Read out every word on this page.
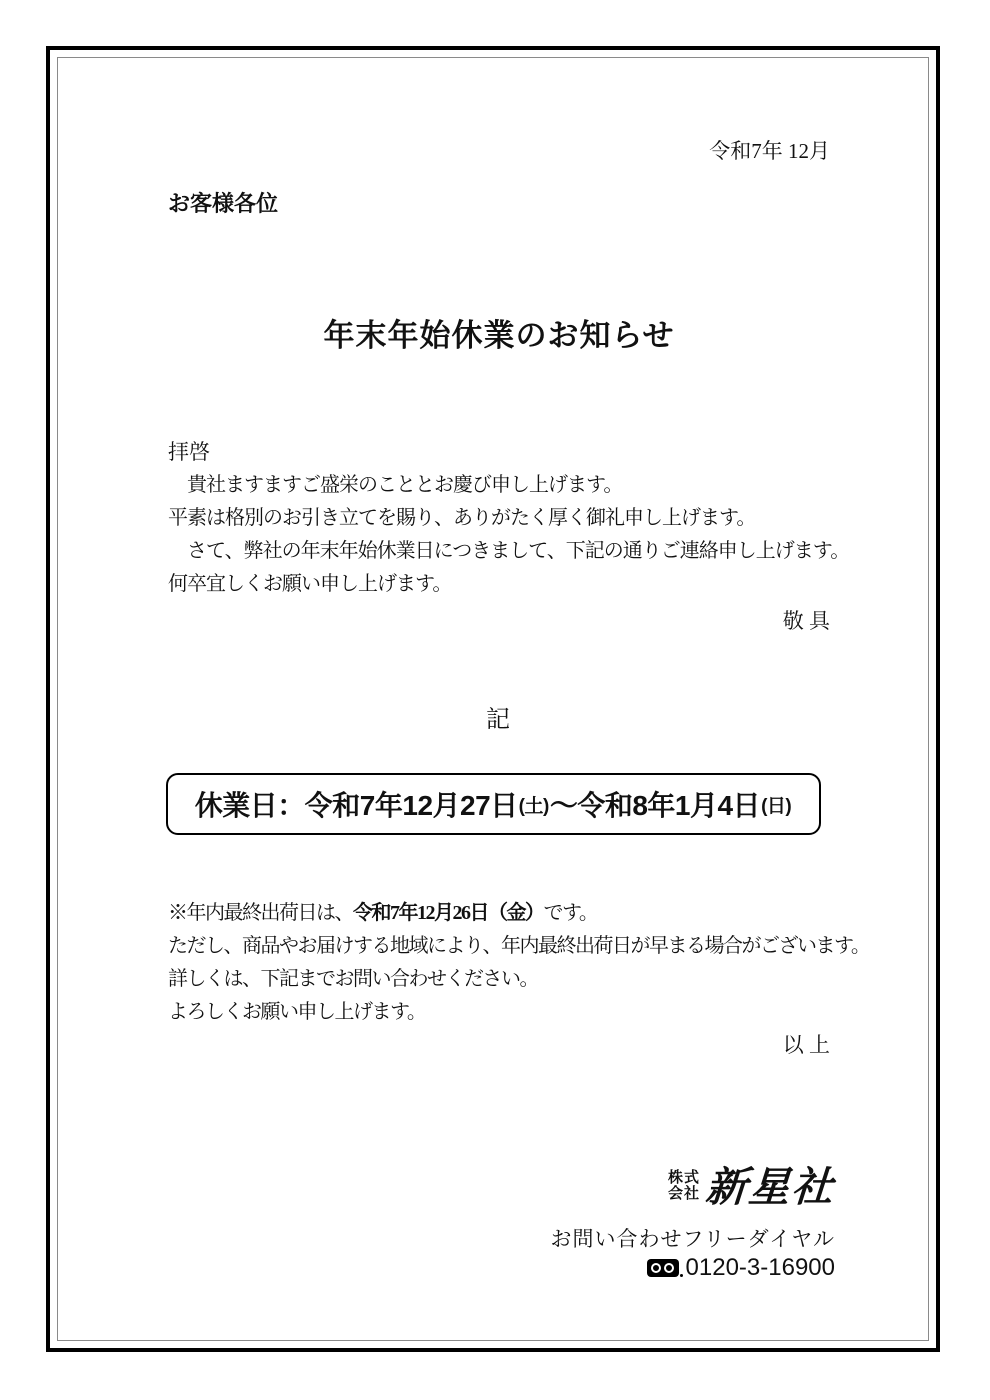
令和7年 12月
お客様各位
年末年始休業のお知らせ

拝啓

　貴社ますますご盛栄のこととお慶び申し上げます。

平素は格別のお引き立てを賜り、ありがたく厚く御礼申し上げます。

　さて、弊社の年末年始休業日につきまして、下記の通りご連絡申し上げます。

何卒宜しくお願い申し上げます。

敬 具
記
休業日： 令和7年12月27日 (土) ～ 令和8年1月4日 (日)

※年内最終出荷日は、令和7年12月26日（金）です。

ただし、商品やお届けする地域により、年内最終出荷日が早まる場合がございます。

詳しくは、下記までお問い合わせください。

よろしくお願い申し上げます。

以 上
株式
会社 新星社
お問い合わせフリーダイヤル
0120-3-16900
